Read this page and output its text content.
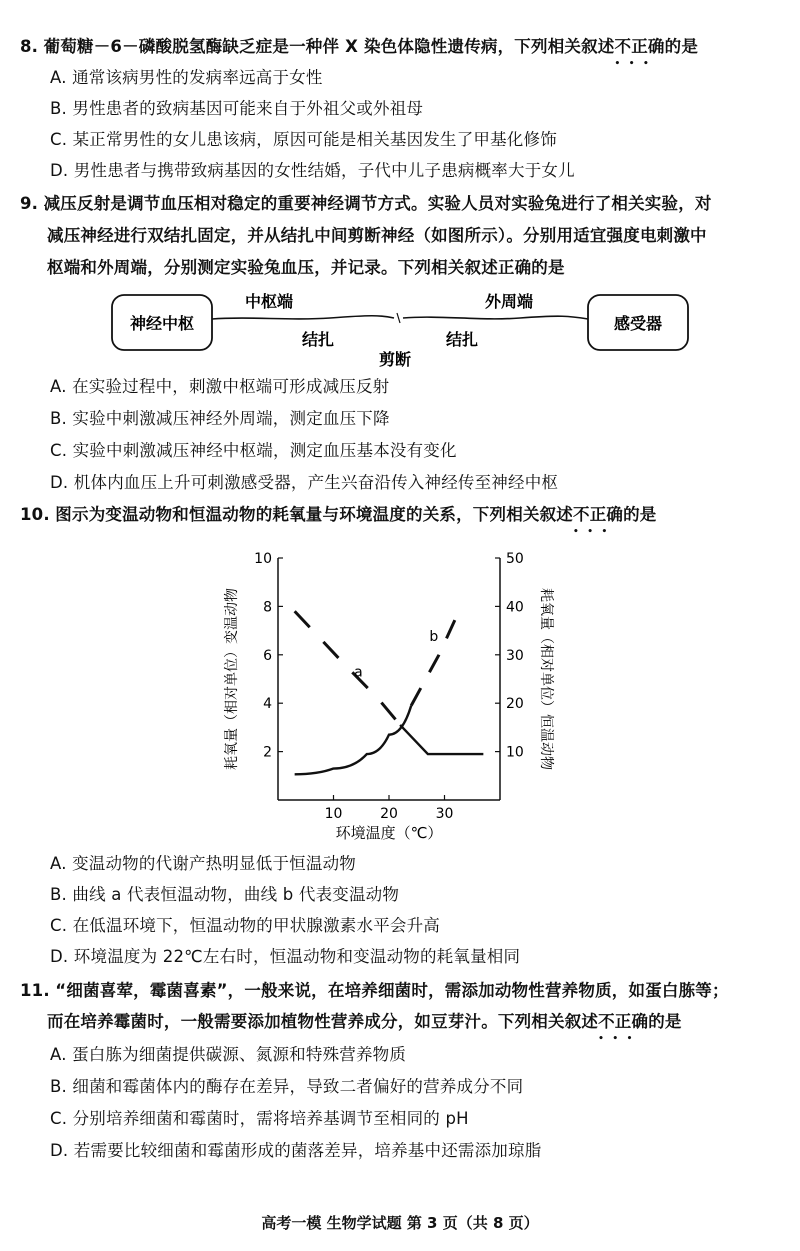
8. 葡萄糖－6－磷酸脱氢酶缺乏症是一种伴 X 染色体隐性遗传病，下列相关叙述不正确 • • •的是
A. 通常该病男性的发病率远高于女性
B. 男性患者的致病基因可能来自于外祖父或外祖母
C. 某正常男性的女儿患该病，原因可能是相关基因发生了甲基化修饰
D. 男性患者与携带致病基因的女性结婚，子代中儿子患病概率大于女儿
9. 减压反射是调节血压相对稳定的重要神经调节方式。实验人员对实验兔进行了相关实验，对
减压神经进行双结扎固定，并从结扎中间剪断神经（如图所示）。分别用适宜强度电刺激中
枢端和外周端，分别测定实验兔血压，并记录。下列相关叙述正确的是
神经中枢	感受器
中枢端	外周端
结扎	结扎
剪断
A. 在实验过程中，刺激中枢端可形成减压反射
B. 实验中刺激减压神经外周端，测定血压下降
C. 实验中刺激减压神经中枢端，测定血压基本没有变化
D. 机体内血压上升可刺激感受器，产生兴奋沿传入神经传至神经中枢
10. 图示为变温动物和恒温动物的耗氧量与环境温度的关系，下列相关叙述不正确 • • •的是
2
4
6
8
10
10
20
30
40
50
10	20	30
环境温度（℃）
耗氧量（相对单位）变温动物	耗氧量（相对单位）恒温动物
a
b
A. 变温动物的代谢产热明显低于恒温动物
B. 曲线 a 代表恒温动物，曲线 b 代表变温动物
C. 在低温环境下，恒温动物的甲状腺激素水平会升高
D. 环境温度为 22℃左右时，恒温动物和变温动物的耗氧量相同
11. “细菌喜荤，霉菌喜素”，一般来说，在培养细菌时，需添加动物性营养物质，如蛋白胨等；
而在培养霉菌时，一般需要添加植物性营养成分，如豆芽汁。下列相关叙述不正确 • • •的是
A. 蛋白胨为细菌提供碳源、氮源和特殊营养物质
B. 细菌和霉菌体内的酶存在差异，导致二者偏好的营养成分不同
C. 分别培养细菌和霉菌时，需将培养基调节至相同的 pH
D. 若需要比较细菌和霉菌形成的菌落差异，培养基中还需添加琼脂
高考一模 生物学试题 第 3 页（共 8 页）
